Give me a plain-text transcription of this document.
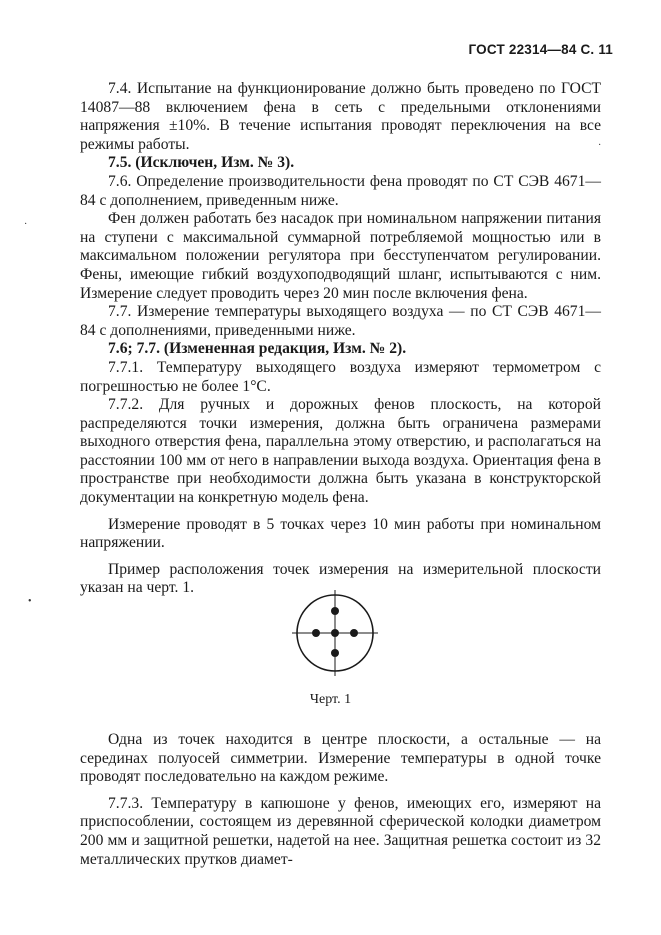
ГОСТ 22314—84 С. 11

7.4. Испытание на функционирование должно быть проведено по ГОСТ 14087—88 включением фена в сеть с предельными отклонениями напряжения ±10%. В течение испытания проводят переключения на все режимы работы.

7.5. (Исключен, Изм. № 3).

7.6. Определение производительности фена проводят по СТ СЭВ 4671—84 с дополнением, приведенным ниже.

Фен должен работать без насадок при номинальном напряжении питания на ступени с максимальной суммарной потребляемой мощностью или в максимальном положении регулятора при бесступенчатом регулировании. Фены, имеющие гибкий воздухоподводящий шланг, испытываются с ним. Измерение следует проводить через 20 мин после включения фена.

7.7. Измерение температуры выходящего воздуха — по СТ СЭВ 4671—84 с дополнениями, приведенными ниже.

7.6; 7.7. (Измененная редакция, Изм. № 2).

7.7.1. Температуру выходящего воздуха измеряют термометром с погрешностью не более 1°С.

7.7.2. Для ручных и дорожных фенов плоскость, на которой распределяются точки измерения, должна быть ограничена размерами выходного отверстия фена, параллельна этому отверстию, и располагаться на расстоянии 100 мм от него в направлении выхода воздуха. Ориентация фена в пространстве при необходимости должна быть указана в конструкторской документации на конкретную модель фена.

Измерение проводят в 5 точках через 10 мин работы при номинальном напряжении.

Пример расположения точек измерения на измерительной плоскости указан на черт. 1.

Черт. 1

Одна из точек находится в центре плоскости, а остальные — на серединах полуосей симметрии. Измерение температуры в одной точке проводят последовательно на каждом режиме.

7.7.3. Температуру в капюшоне у фенов, имеющих его, измеряют на приспособлении, состоящем из деревянной сферической колодки диаметром 200 мм и защитной решетки, надетой на нее. Защитная решетка состоит из 32 металлических прутков диамет-

·
•
·
